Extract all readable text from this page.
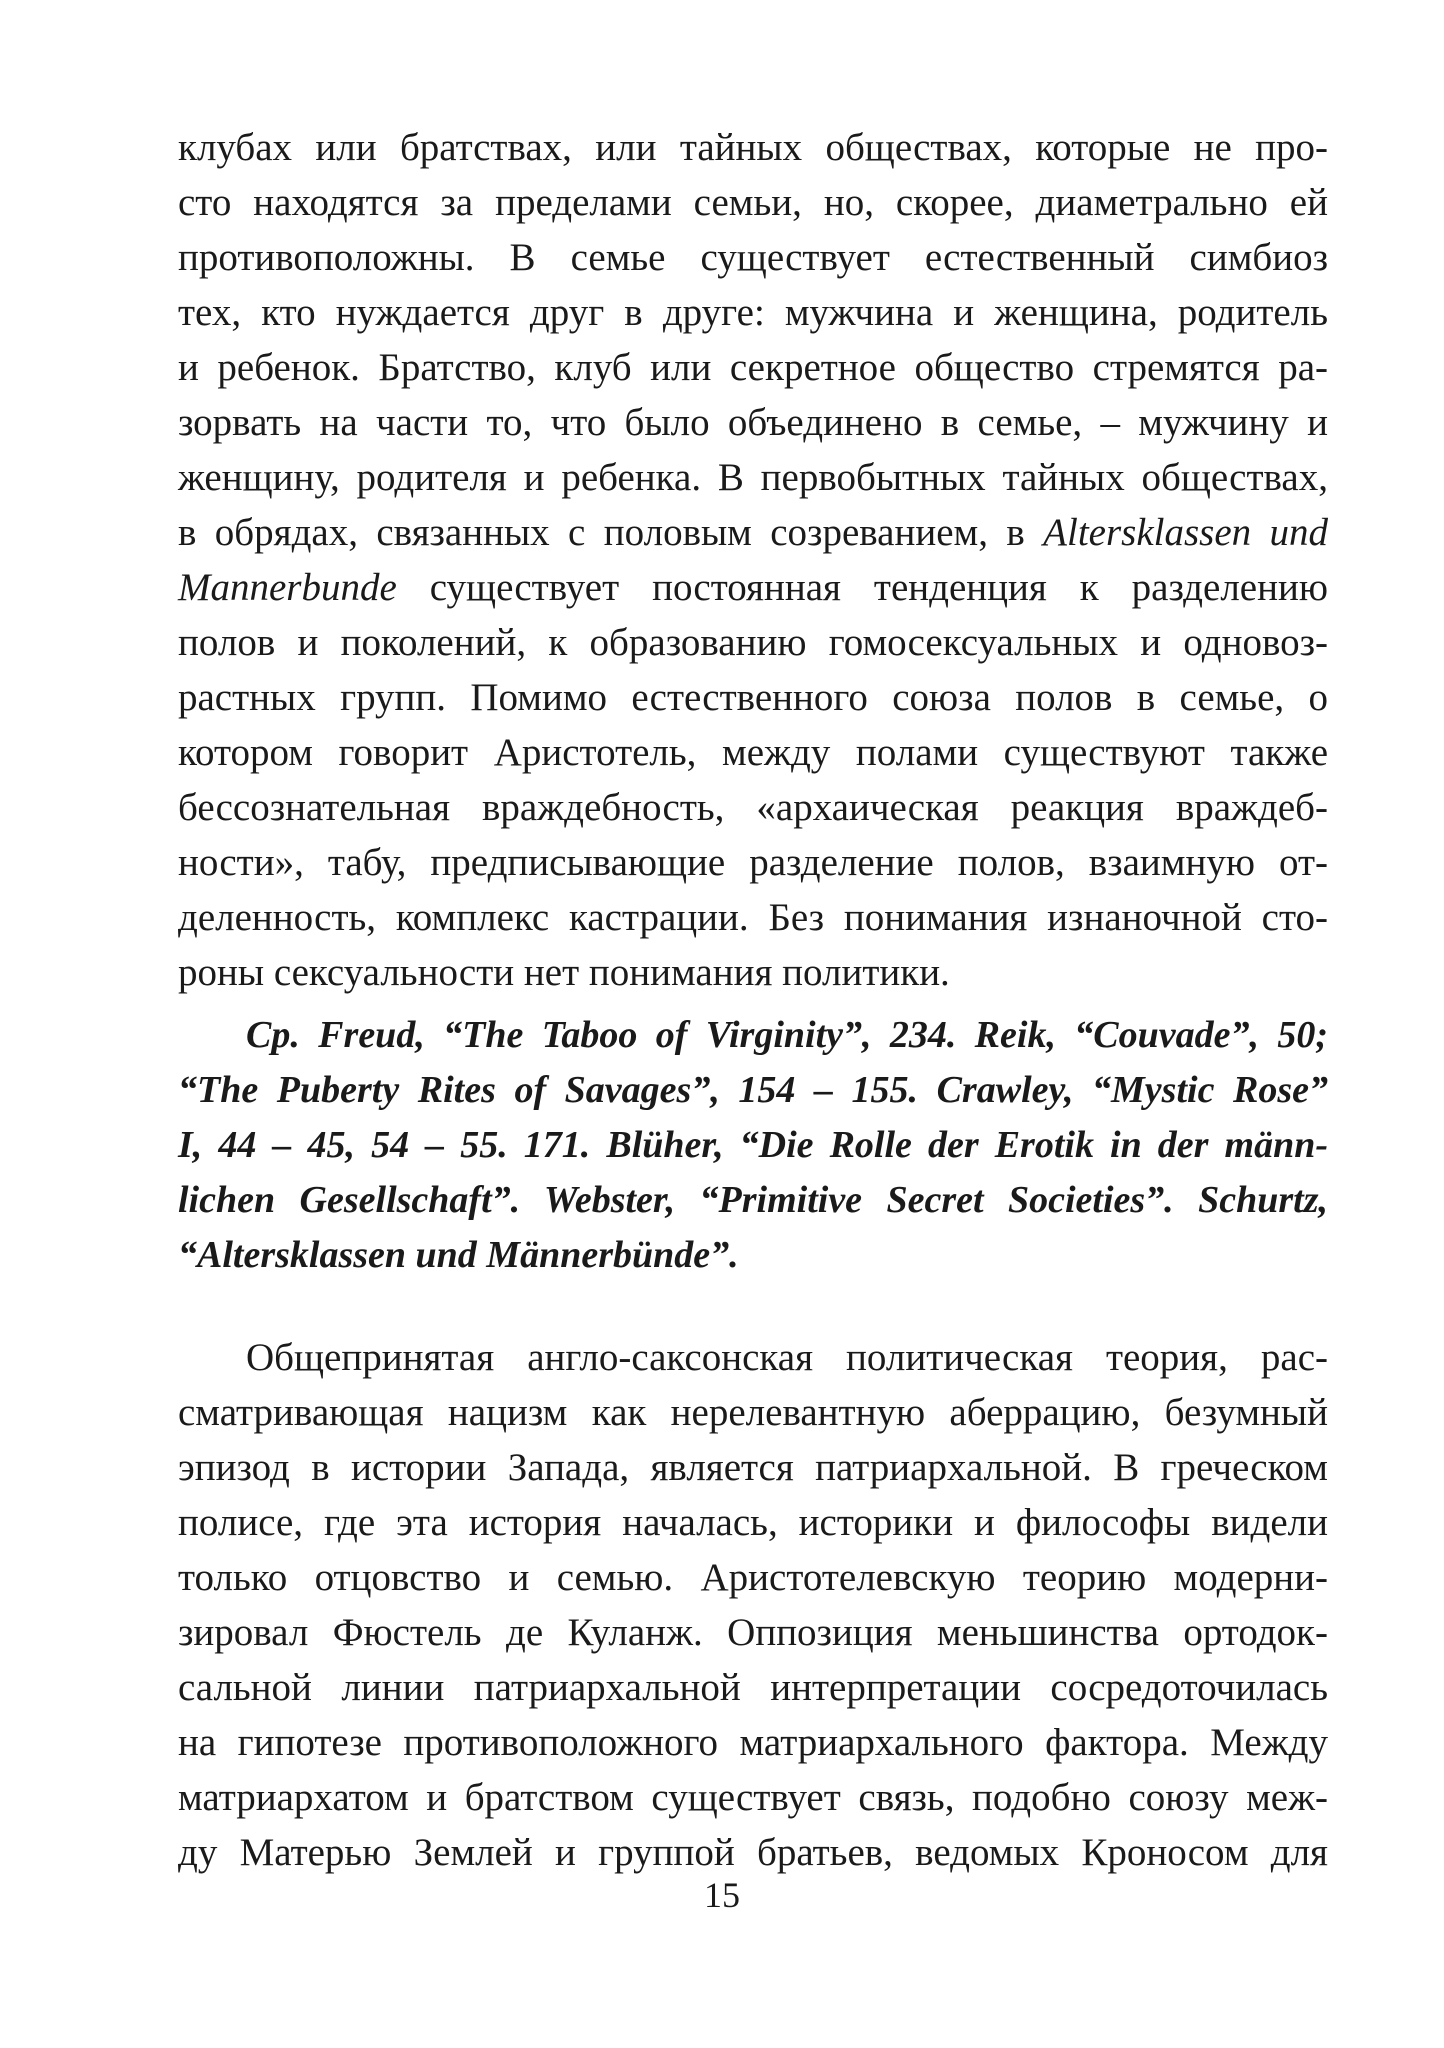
клубах или братствах, или тайных обществах, которые не про-
сто находятся за пределами семьи, но, скорее, диаметрально ей
противоположны. В семье существует естественный симбиоз
тех, кто нуждается друг в друге: мужчина и женщина, родитель
и ребенок. Братство, клуб или секретное общество стремятся ра-
зорвать на части то, что было объединено в семье, – мужчину и
женщину, родителя и ребенка. В первобытных тайных обществах,
в обрядах, связанных с половым созреванием, в Altersklassen und
Mannerbunde существует постоянная тенденция к разделению
полов и поколений, к образованию гомосексуальных и одновоз-
растных групп. Помимо естественного союза полов в семье, о
котором говорит Аристотель, между полами существуют также
бессознательная враждебность, «архаическая реакция враждеб-
ности», табу, предписывающие разделение полов, взаимную от-
деленность, комплекс кастрации. Без понимания изнаночной сто-
роны сексуальности нет понимания политики.
Cp. Freud, “The Taboo of Virginity”, 234. Reik, “Couvade”, 50;
“The Puberty Rites of Savages”, 154 – 155. Crawley, “Mystic Rose”
I, 44 – 45, 54 – 55. 171. Blüher, “Die Rolle der Erotik in der männ-
lichen Gesellschaft”. Webster, “Primitive Secret Societies”. Schurtz,
“Altersklassen und Männerbünde”.
Общепринятая англо-саксонская политическая теория, рас-
сматривающая нацизм как нерелевантную аберрацию, безумный
эпизод в истории Запада, является патриархальной. В греческом
полисе, где эта история началась, историки и философы видели
только отцовство и семью. Аристотелевскую теорию модерни-
зировал Фюстель де Куланж. Оппозиция меньшинства ортодок-
сальной линии патриархальной интерпретации сосредоточилась
на гипотезе противоположного матриархального фактора. Между
матриархатом и братством существует связь, подобно союзу меж-
ду Матерью Землей и группой братьев, ведомых Кроносом для
15
